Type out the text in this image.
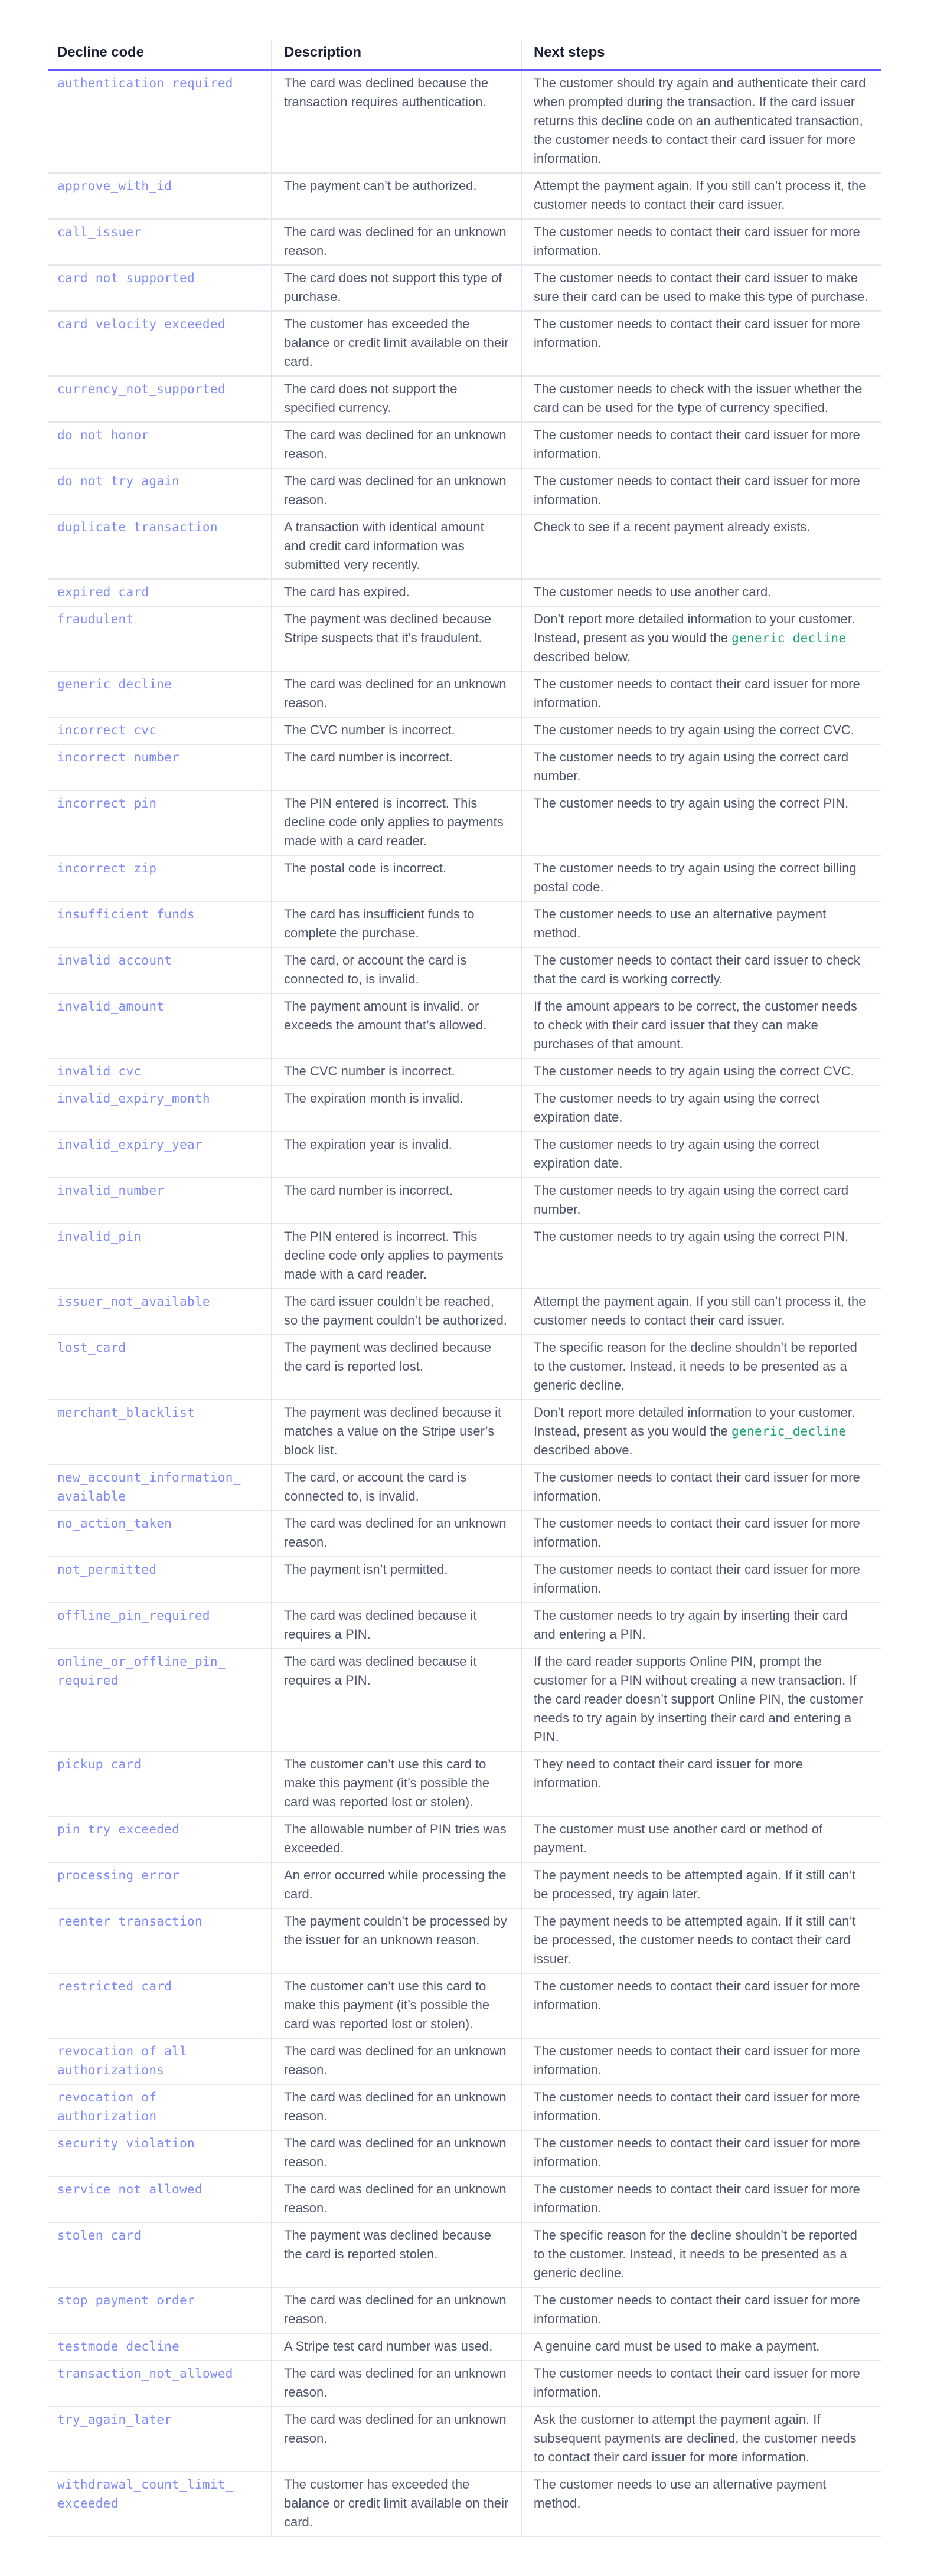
Decline code	Description	Next steps
authentication_required	The card was declined because the transaction requires authentication.	The customer should try again and authenticate their card when prompted during the transaction. If the card issuer returns this decline code on an authenticated transaction, the customer needs to contact their card issuer for more information.
approve_with_id	The payment can’t be authorized.	Attempt the payment again. If you still can’t process it, the customer needs to contact their card issuer.
call_issuer	The card was declined for an unknown reason.	The customer needs to contact their card issuer for more information.
card_not_supported	The card does not support this type of purchase.	The customer needs to contact their card issuer to make sure their card can be used to make this type of purchase.
card_velocity_exceeded	The customer has exceeded the balance or credit limit available on their card.	The customer needs to contact their card issuer for more information.
currency_not_supported	The card does not support the specified currency.	The customer needs to check with the issuer whether the card can be used for the type of currency specified.
do_not_honor	The card was declined for an unknown reason.	The customer needs to contact their card issuer for more information.
do_not_try_again	The card was declined for an unknown reason.	The customer needs to contact their card issuer for more information.
duplicate_transaction	A transaction with identical amount and credit card information was submitted very recently.	Check to see if a recent payment already exists.
expired_card	The card has expired.	The customer needs to use another card.
fraudulent	The payment was declined because Stripe suspects that it’s fraudulent.	Don’t report more detailed information to your customer. Instead, present as you would the generic_decline described below.
generic_decline	The card was declined for an unknown reason.	The customer needs to contact their card issuer for more information.
incorrect_cvc	The CVC number is incorrect.	The customer needs to try again using the correct CVC.
incorrect_number	The card number is incorrect.	The customer needs to try again using the correct card number.
incorrect_pin	The PIN entered is incorrect. This decline code only applies to payments made with a card reader.	The customer needs to try again using the correct PIN.
incorrect_zip	The postal code is incorrect.	The customer needs to try again using the correct billing postal code.
insufficient_funds	The card has insufficient funds to complete the purchase.	The customer needs to use an alternative payment method.
invalid_account	The card, or account the card is connected to, is invalid.	The customer needs to contact their card issuer to check that the card is working correctly.
invalid_amount	The payment amount is invalid, or exceeds the amount that’s allowed.	If the amount appears to be correct, the customer needs to check with their card issuer that they can make purchases of that amount.
invalid_cvc	The CVC number is incorrect.	The customer needs to try again using the correct CVC.
invalid_expiry_month	The expiration month is invalid.	The customer needs to try again using the correct expiration date.
invalid_expiry_year	The expiration year is invalid.	The customer needs to try again using the correct expiration date.
invalid_number	The card number is incorrect.	The customer needs to try again using the correct card number.
invalid_pin	The PIN entered is incorrect. This decline code only applies to payments made with a card reader.	The customer needs to try again using the correct PIN.
issuer_not_available	The card issuer couldn’t be reached, so the payment couldn’t be authorized.	Attempt the payment again. If you still can’t process it, the customer needs to contact their card issuer.
lost_card	The payment was declined because the card is reported lost.	The specific reason for the decline shouldn’t be reported to the customer. Instead, it needs to be presented as a generic decline.
merchant_blacklist	The payment was declined because it matches a value on the Stripe user’s block list.	Don’t report more detailed information to your customer. Instead, present as you would the generic_decline described above.
new_account_information_available	The card, or account the card is connected to, is invalid.	The customer needs to contact their card issuer for more information.
no_action_taken	The card was declined for an unknown reason.	The customer needs to contact their card issuer for more information.
not_permitted	The payment isn’t permitted.	The customer needs to contact their card issuer for more information.
offline_pin_required	The card was declined because it requires a PIN.	The customer needs to try again by inserting their card and entering a PIN.
online_or_offline_pin_required	The card was declined because it requires a PIN.	If the card reader supports Online PIN, prompt the customer for a PIN without creating a new transaction. If the card reader doesn’t support Online PIN, the customer needs to try again by inserting their card and entering a PIN.
pickup_card	The customer can’t use this card to make this payment (it’s possible the card was reported lost or stolen).	They need to contact their card issuer for more information.
pin_try_exceeded	The allowable number of PIN tries was exceeded.	The customer must use another card or method of payment.
processing_error	An error occurred while processing the card.	The payment needs to be attempted again. If it still can’t be processed, try again later.
reenter_transaction	The payment couldn’t be processed by the issuer for an unknown reason.	The payment needs to be attempted again. If it still can’t be processed, the customer needs to contact their card issuer.
restricted_card	The customer can’t use this card to make this payment (it’s possible the card was reported lost or stolen).	The customer needs to contact their card issuer for more information.
revocation_of_all_authorizations	The card was declined for an unknown reason.	The customer needs to contact their card issuer for more information.
revocation_of_authorization	The card was declined for an unknown reason.	The customer needs to contact their card issuer for more information.
security_violation	The card was declined for an unknown reason.	The customer needs to contact their card issuer for more information.
service_not_allowed	The card was declined for an unknown reason.	The customer needs to contact their card issuer for more information.
stolen_card	The payment was declined because the card is reported stolen.	The specific reason for the decline shouldn’t be reported to the customer. Instead, it needs to be presented as a generic decline.
stop_payment_order	The card was declined for an unknown reason.	The customer needs to contact their card issuer for more information.
testmode_decline	A Stripe test card number was used.	A genuine card must be used to make a payment.
transaction_not_allowed	The card was declined for an unknown reason.	The customer needs to contact their card issuer for more information.
try_again_later	The card was declined for an unknown reason.	Ask the customer to attempt the payment again. If subsequent payments are declined, the customer needs to contact their card issuer for more information.
withdrawal_count_limit_exceeded	The customer has exceeded the balance or credit limit available on their card.	The customer needs to use an alternative payment method.
